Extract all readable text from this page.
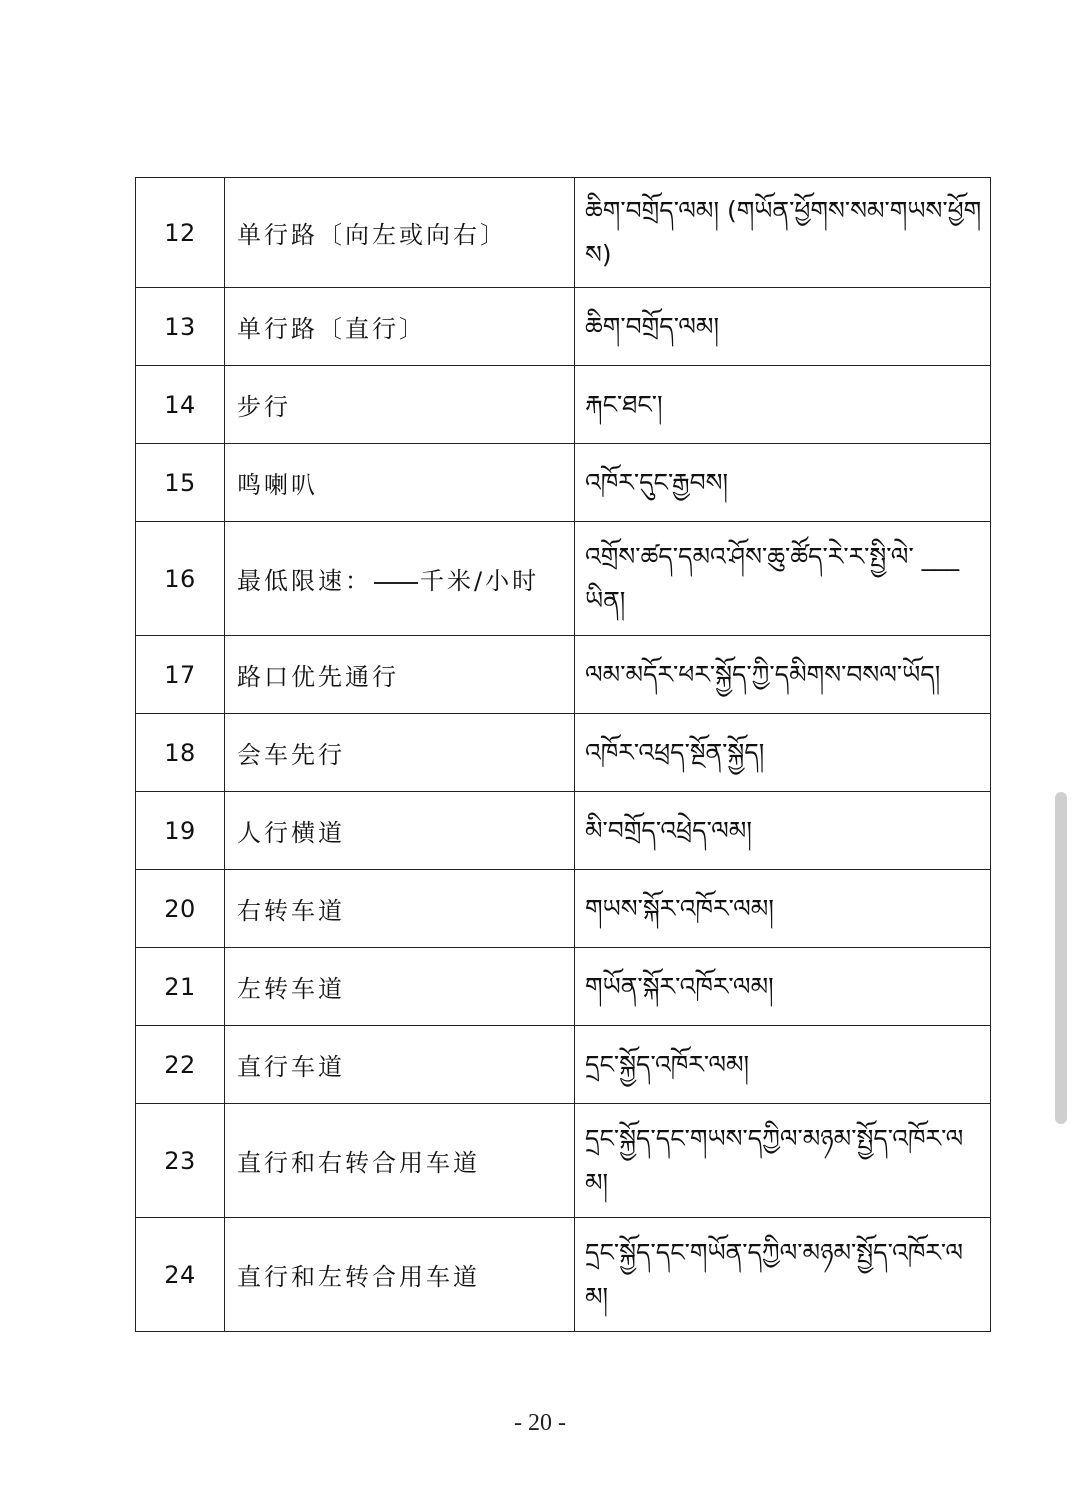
12	单行路〔向左或向右〕	ཆིག་བགྲོད་ལམ། (གཡོན་ཕྱོགས་སམ་གཡས་ཕྱོགས)
13	单行路〔直行〕	ཆིག་བགྲོད་ལམ།
14	步行	རྐང་ཐང་།
15	鸣喇叭	འཁོར་དུང་རྒྱབས།
16	最低限速： 千米/小时	འགྲོས་ཚད་དམའ་ཤོས་ཆུ་ཚོད་རེ་ར་སྤྱི་ལེ་ ___ ཡིན།
17	路口优先通行	ལམ་མདོར་ཕར་སྐྱོད་ཀྱི་དམིགས་བསལ་ཡོད།
18	会车先行	འཁོར་འཕྲད་སྔོན་སྐྱོད།
19	人行横道	མི་བགྲོད་འཕྲེད་ལམ།
20	右转车道	གཡས་སྐོར་འཁོར་ལམ།
21	左转车道	གཡོན་སྐོར་འཁོར་ལམ།
22	直行车道	དྲང་སྐྱོད་འཁོར་ལམ།
23	直行和右转合用车道	དྲང་སྐྱོད་དང་གཡས་དཀྱིལ་མཉམ་སྤྱོད་འཁོར་ལམ།
24	直行和左转合用车道	དྲང་སྐྱོད་དང་གཡོན་དཀྱིལ་མཉམ་སྤྱོད་འཁོར་ལམ།
- 20 -
